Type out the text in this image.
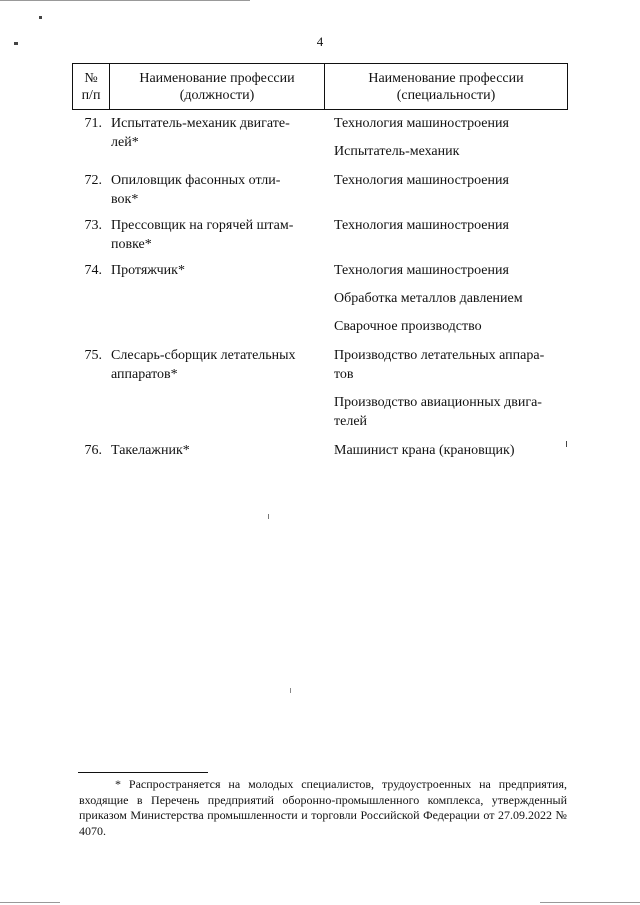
4
№
п/п
Наименование профессии
(должности)
Наименование профессии
(специальности)
71. Испытатель-механик двигате-
лей*
Технология машиностроения
Испытатель-механик
72. Опиловщик фасонных отли-
вок*
Технология машиностроения
73. Прессовщик на горячей штам-
повке*
Технология машиностроения
74. Протяжчик*	Технология машиностроения
Обработка металлов давлением
Сварочное производство
75. Слесарь-сборщик летательных
аппаратов*
Производство летательных аппара-
тов
Производство авиационных двига-
телей
76. Такелажник*	Машинист крана (крановщик)
* Распространяется на молодых специалистов, трудоустроенных на предприятия, входящие в Перечень предприятий оборонно-промышленного комплекса, утвержденный приказом Министерства промышленности и торговли Российской Федерации от 27.09.2022 № 4070.
